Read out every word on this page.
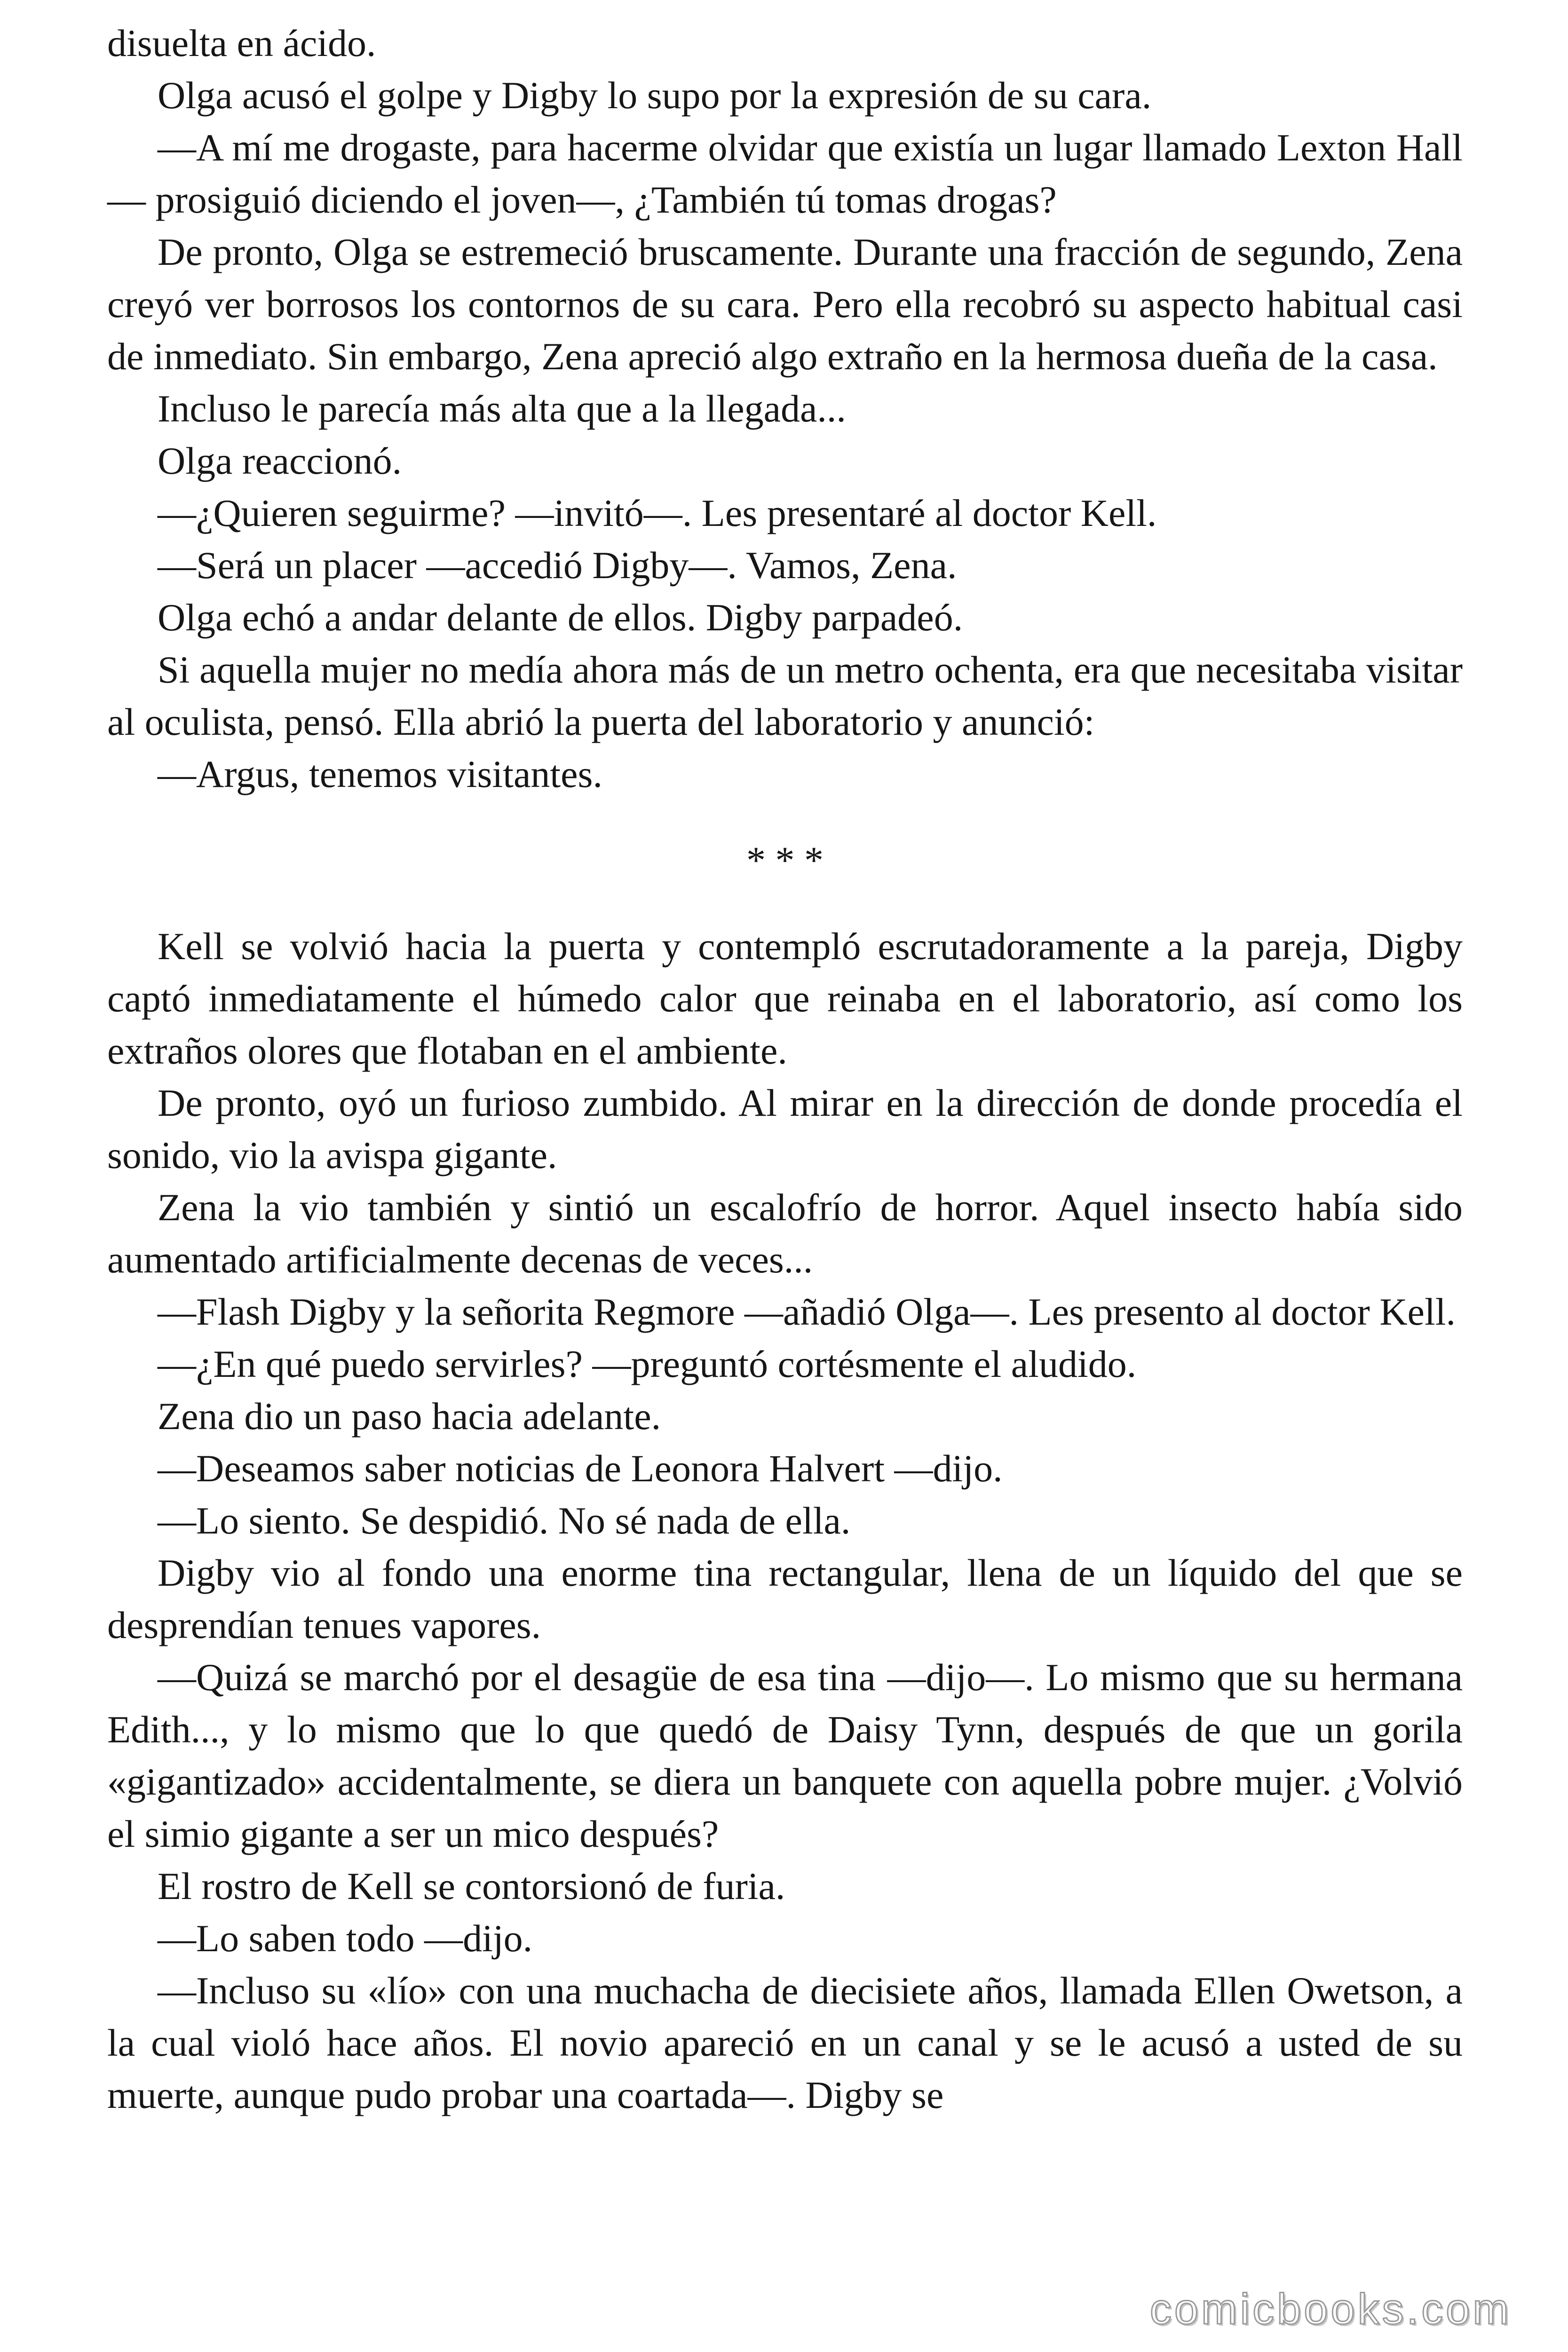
disuelta en ácido.

Olga acusó el golpe y Digby lo supo por la expresión de su cara.

—A mí me drogaste, para hacerme olvidar que existía un lugar llamado Lexton Hall — prosiguió diciendo el joven—, ¿También tú tomas drogas?

De pronto, Olga se estremeció bruscamente. Durante una fracción de segundo, Zena creyó ver borrosos los contornos de su cara. Pero ella recobró su aspecto habitual casi de inmediato. Sin embargo, Zena apreció algo extraño en la hermosa dueña de la casa.

Incluso le parecía más alta que a la llegada...

Olga reaccionó.

—¿Quieren seguirme? —invitó—. Les presentaré al doctor Kell.

—Será un placer —accedió Digby—. Vamos, Zena.

Olga echó a andar delante de ellos. Digby parpadeó.

Si aquella mujer no medía ahora más de un metro ochenta, era que necesitaba visitar al oculista, pensó. Ella abrió la puerta del laboratorio y anunció:

—Argus, tenemos visitantes.

* * *

Kell se volvió hacia la puerta y contempló escrutadoramente a la pareja, Digby captó inmediatamente el húmedo calor que reinaba en el laboratorio, así como los extraños olores que flotaban en el ambiente.

De pronto, oyó un furioso zumbido. Al mirar en la dirección de donde procedía el sonido, vio la avispa gigante.

Zena la vio también y sintió un escalofrío de horror. Aquel insecto había sido aumentado artificialmente decenas de veces...

—Flash Digby y la señorita Regmore —añadió Olga—. Les presento al doctor Kell.

—¿En qué puedo servirles? —preguntó cortésmente el aludido.

Zena dio un paso hacia adelante.

—Deseamos saber noticias de Leonora Halvert —dijo.

—Lo siento. Se despidió. No sé nada de ella.

Digby vio al fondo una enorme tina rectangular, llena de un líquido del que se desprendían tenues vapores.

—Quizá se marchó por el desagüe de esa tina —dijo—. Lo mismo que su hermana Edith..., y lo mismo que lo que quedó de Daisy Tynn, después de que un gorila «gigantizado» accidentalmente, se diera un banquete con aquella pobre mujer. ¿Volvió el simio gigante a ser un mico después?

El rostro de Kell se contorsionó de furia.

—Lo saben todo —dijo.

—Incluso su «lío» con una muchacha de diecisiete años, llamada Ellen Owetson, a la cual violó hace años. El novio apareció en un canal y se le acusó a usted de su muerte, aunque pudo probar una coartada—. Digby se

comicbooks.com
